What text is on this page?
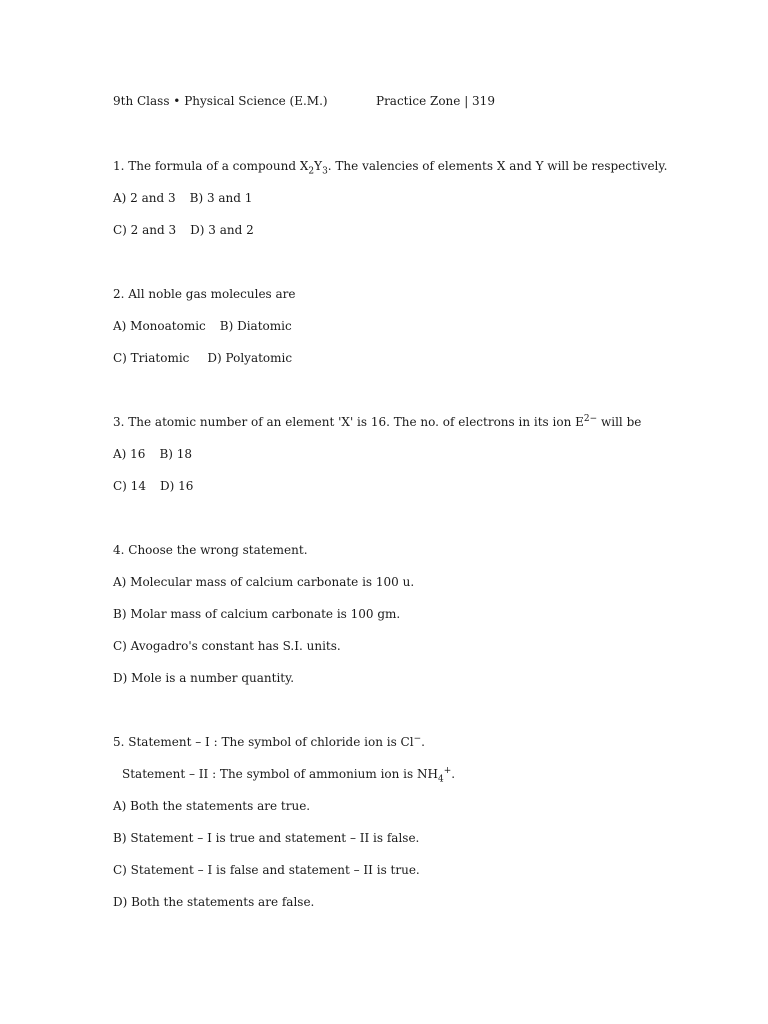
9th Class • Physical Science (E.M.)	Practice Zone | 319
1. The formula of a compound $X_2Y_3$. The valencies of elements X and Y will be respectively.
A) 2 and 3 B) 3 and 1
C) 2 and 3 D) 3 and 2
2. All noble gas molecules are
A) Monoatomic B) Diatomic
C) Triatomic D) Polyatomic
3. The atomic number of an element 'X' is 16. The no. of electrons in its ion $E^{2-}$ will be
A) 16 B) 18
C) 14 D) 16
4. Choose the wrong statement.
A) Molecular mass of calcium carbonate is 100 u.
B) Molar mass of calcium carbonate is 100 gm.
C) Avogadro's constant has S.I. units.
D) Mole is a number quantity.
5. Statement – I : The symbol of chloride ion is Cl−.
Statement – II : The symbol of ammonium ion is $NH_4^+$.
A) Both the statements are true.
B) Statement – I is true and statement – II is false.
C) Statement – I is false and statement – II is true.
D) Both the statements are false.
